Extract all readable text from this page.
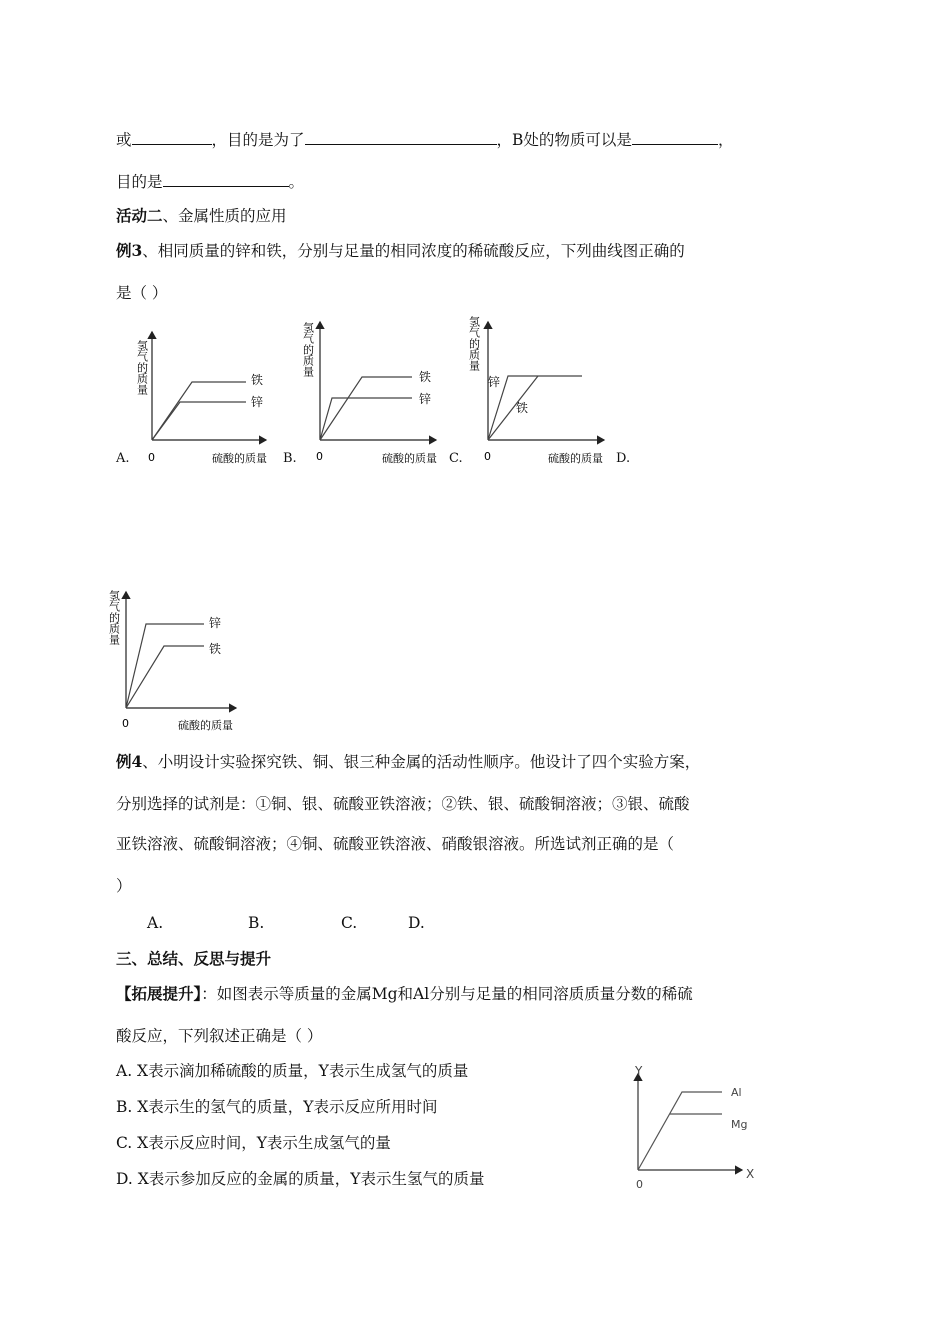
或	，目的是为了	，B处的物质可以是	，
目的是	。
活动二、金属性质的应用
例3、相同质量的锌和铁，分别与足量的相同浓度的稀硫酸反应，下列曲线图正确的
是（ ）
氢气的质量	铁
锌
0	硫酸的质量
A.
氢气的质量	铁
锌
0	硫酸的质量
B.
氢气的质量
锌
铁
0	硫酸的质量
C.	D.
氢气的质量	锌
铁
0	硫酸的质量
例4、小明设计实验探究铁、铜、银三种金属的活动性顺序。他设计了四个实验方案，
分别选择的试剂是：①铜、银、硫酸亚铁溶液；②铁、银、硫酸铜溶液；③银、硫酸
亚铁溶液、硫酸铜溶液；④铜、硫酸亚铁溶液、硝酸银溶液。所选试剂正确的是（
）
A.	B.	C.	D.
三、总结、反思与提升
【拓展提升】：如图表示等质量的金属Mg和Al分别与足量的相同溶质质量分数的稀硫
酸反应，下列叙述正确是（ ）
A. X表示滴加稀硫酸的质量，Y表示生成氢气的质量
B. X表示生的氢气的质量，Y表示反应所用时间
C. X表示反应时间，Y表示生成氢气的量
D. X表示参加反应的金属的质量，Y表示生氢气的质量
Y
X
0
Al
Mg
